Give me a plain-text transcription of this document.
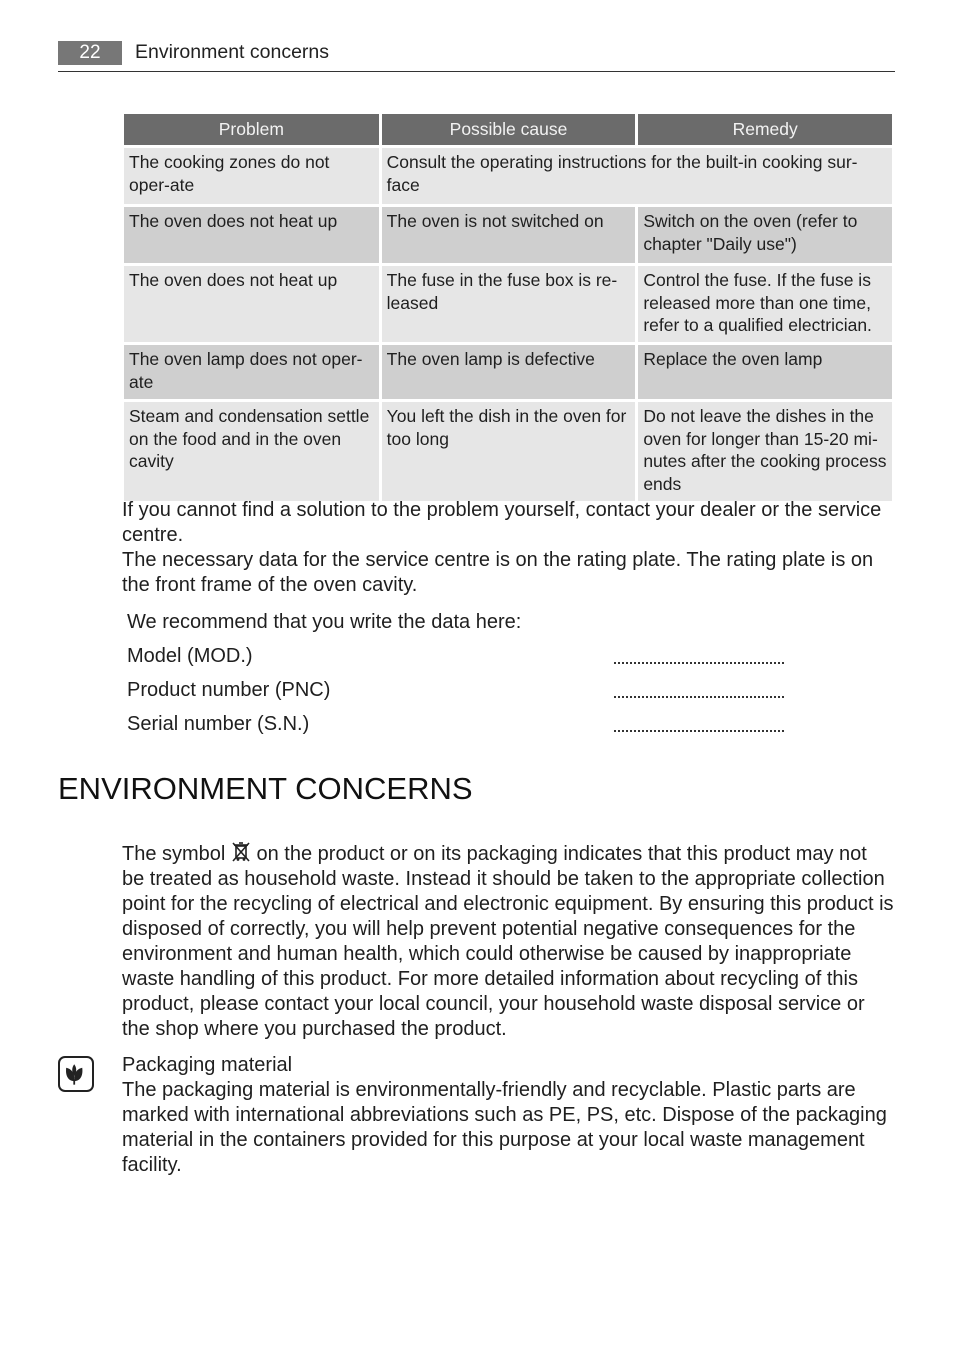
22	Environment concerns
Problem	Possible cause	Remedy
The cooking zones do not oper-ate	Consult the operating instructions for the built-in cooking sur-face	
The oven does not heat up	The oven is not switched on	Switch on the oven (refer to chapter "Daily use")
The oven does not heat up	The fuse in the fuse box is re-leased	Control the fuse. If the fuse is released more than one time, refer to a qualified electrician.
The oven lamp does not oper-ate	The oven lamp is defective	Replace the oven lamp
Steam and condensation settle on the food and in the oven cavity	You left the dish in the oven for too long	Do not leave the dishes in the oven for longer than 15-20 mi-nutes after the cooking process ends

If you cannot find a solution to the problem yourself, contact your dealer or the service centre.

The necessary data for the service centre is on the rating plate. The rating plate is on the front frame of the oven cavity.

We recommend that you write the data here:
Model (MOD.)
Product number (PNC)
Serial number (S.N.)
ENVIRONMENT CONCERNS

The symbol on the product or on its packaging indicates that this product may not be treated as household waste. Instead it should be taken to the appropriate collection point for the recycling of electrical and electronic equipment. By ensuring this product is disposed of correctly, you will help prevent potential negative consequences for the environment and human health, which could otherwise be caused by inappropriate waste handling of this product. For more detailed information about recycling of this product, please contact your local council, your household waste disposal service or the shop where you purchased the product.

Packaging material

The packaging material is environmentally-friendly and recyclable. Plastic parts are marked with international abbreviations such as PE, PS, etc. Dispose of the packaging material in the containers provided for this purpose at your local waste management facility.
